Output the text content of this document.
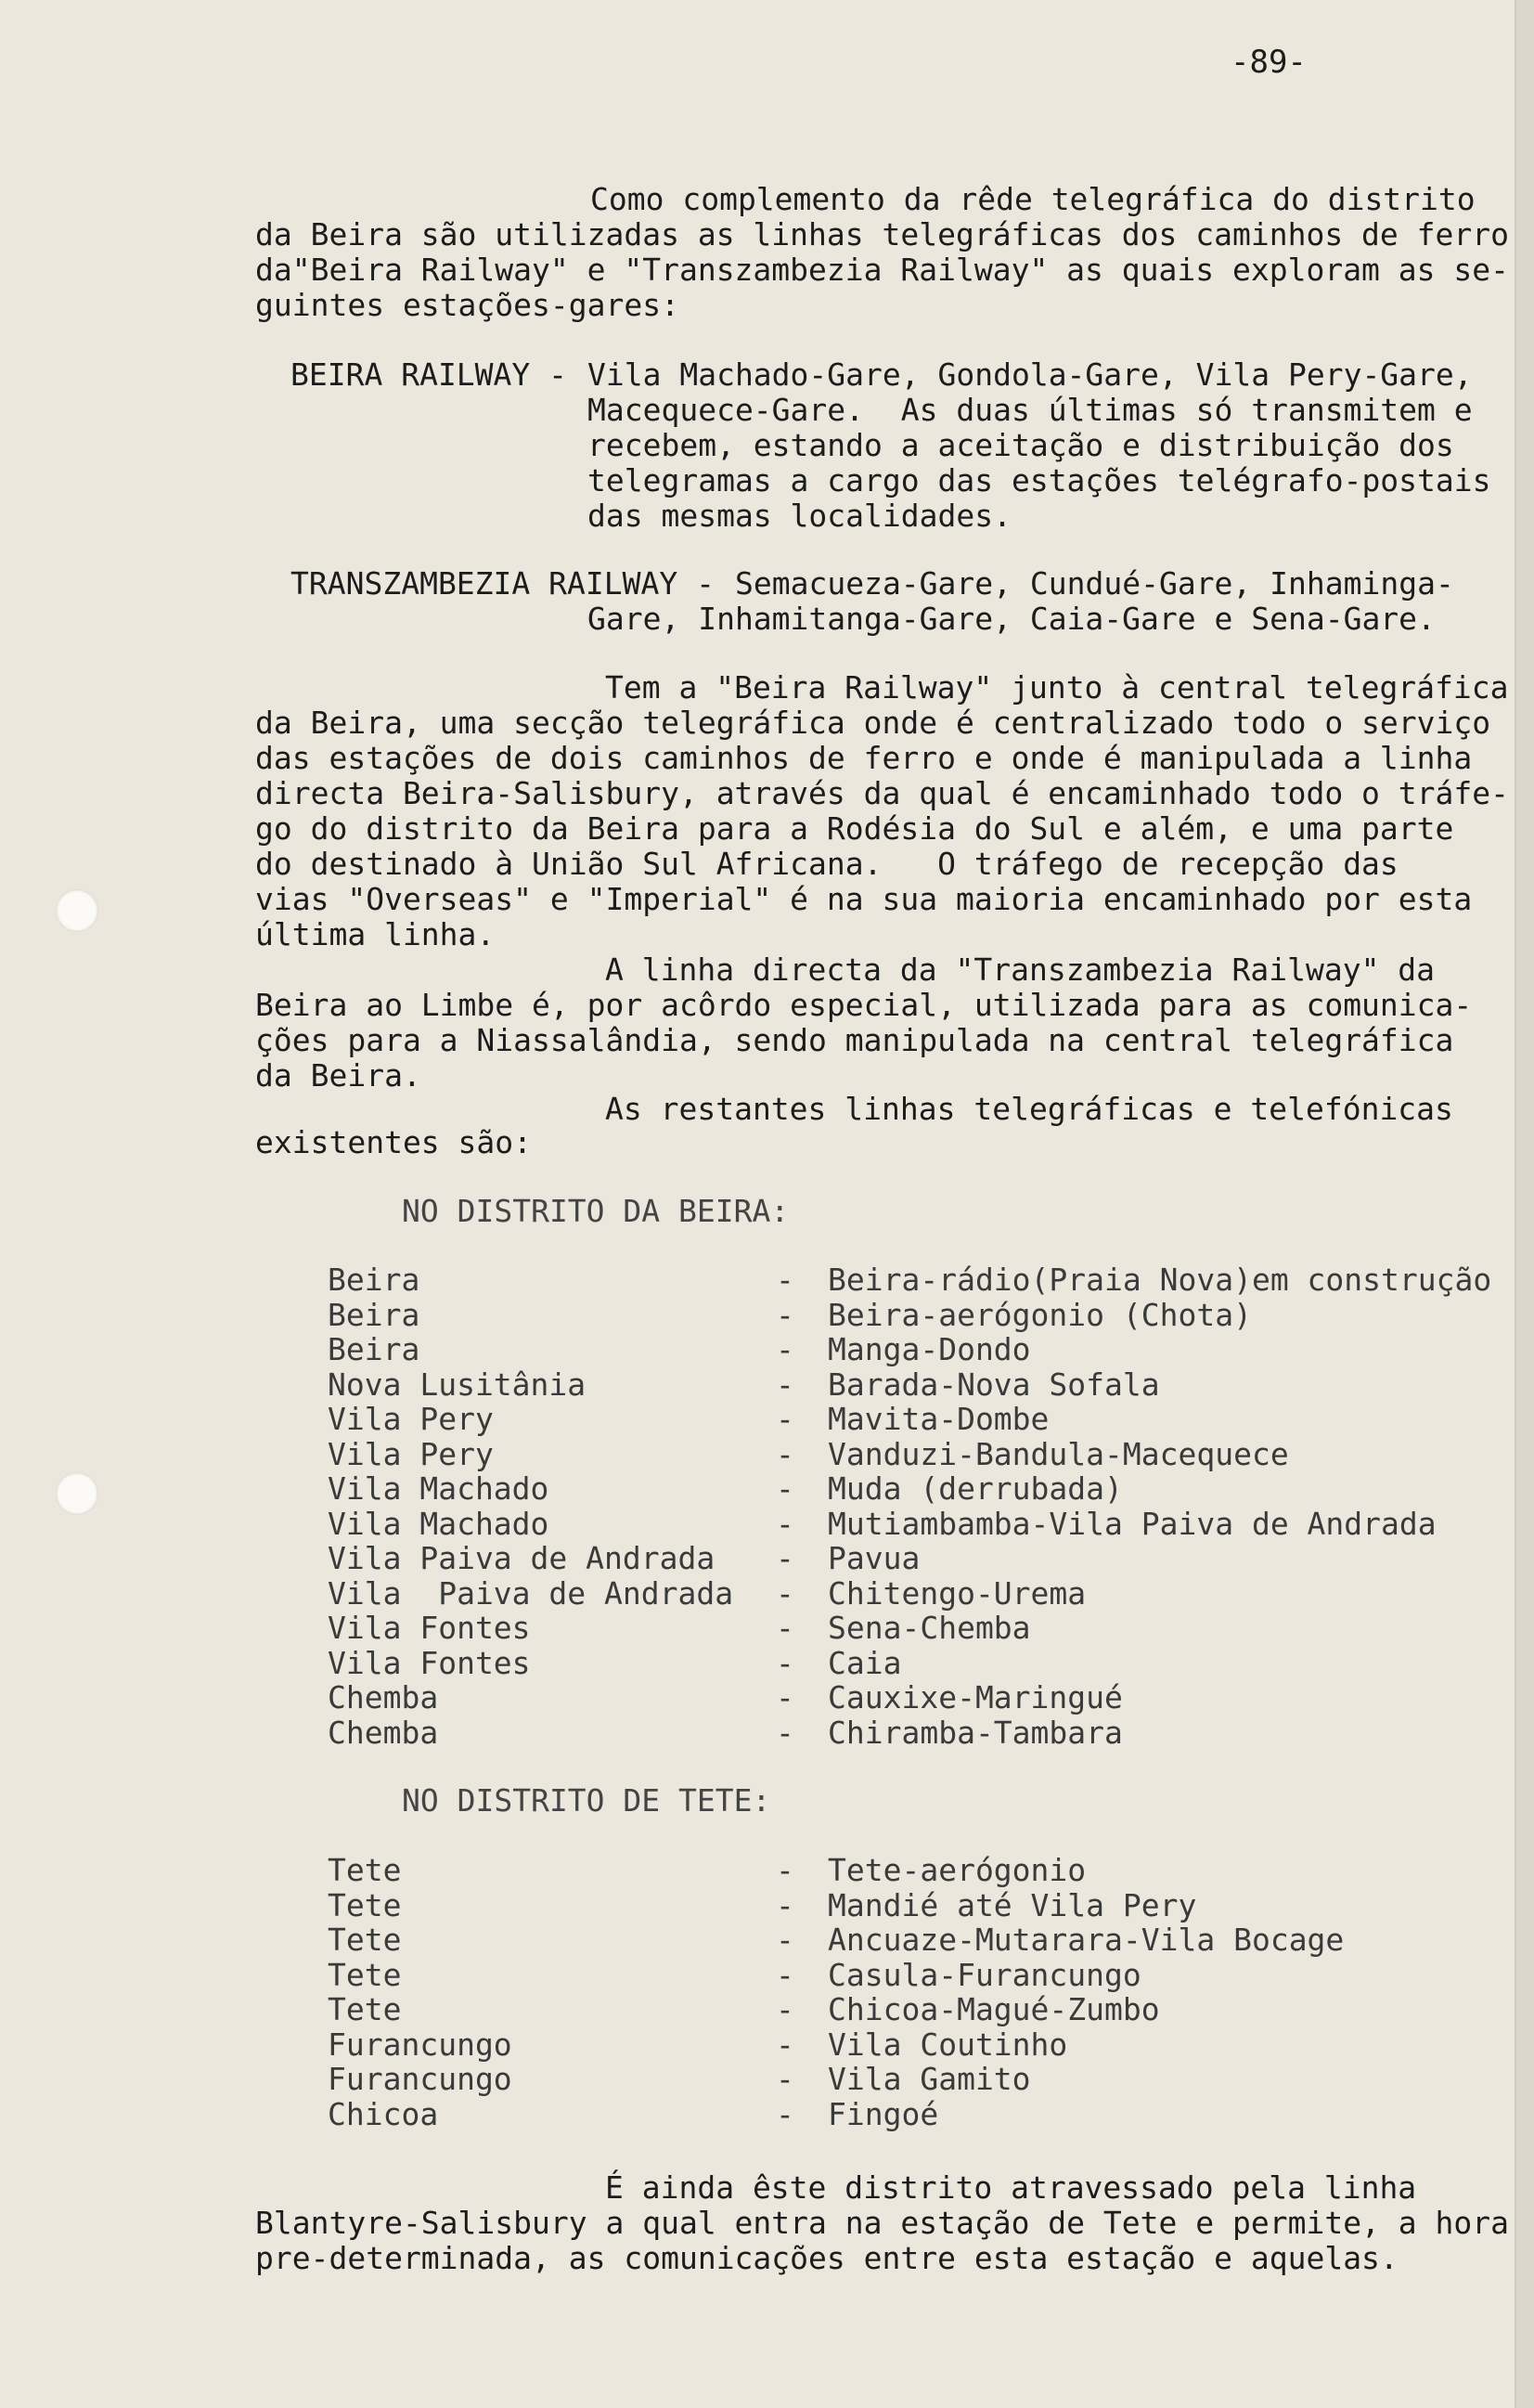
-89-
Como complemento da rêde telegráfica do distrito
da Beira são utilizadas as linhas telegráficas dos caminhos de ferro
da"Beira Railway" e "Transzambezia Railway" as quais exploram as se-
guintes estações-gares:
BEIRA RAILWAY - Vila Machado-Gare, Gondola-Gare, Vila Pery-Gare,
Macequece-Gare.  As duas últimas só transmitem e
recebem, estando a aceitação e distribuição dos
telegramas a cargo das estações telégrafo-postais
das mesmas localidades.
TRANSZAMBEZIA RAILWAY - Semacueza-Gare, Cundué-Gare, Inhaminga-
Gare, Inhamitanga-Gare, Caia-Gare e Sena-Gare.
Tem a "Beira Railway" junto à central telegráfica
da Beira, uma secção telegráfica onde é centralizado todo o serviço
das estações de dois caminhos de ferro e onde é manipulada a linha
directa Beira-Salisbury, através da qual é encaminhado todo o tráfe-
go do distrito da Beira para a Rodésia do Sul e além, e uma parte
do destinado à União Sul Africana.   O tráfego de recepção das
vias "Overseas" e "Imperial" é na sua maioria encaminhado por esta
última linha.
A linha directa da "Transzambezia Railway" da
Beira ao Limbe é, por acôrdo especial, utilizada para as comunica-
ções para a Niassalândia, sendo manipulada na central telegráfica
da Beira.
As restantes linhas telegráficas e telefónicas
existentes são:
NO DISTRITO DA BEIRA:
Beira	- Beira-rádio(Praia Nova)em construção
Beira	- Beira-aerógonio (Chota)
Beira	- Manga-Dondo
Nova Lusitânia	- Barada-Nova Sofala
Vila Pery	- Mavita-Dombe
Vila Pery	- Vanduzi-Bandula-Macequece
Vila Machado	- Muda (derrubada)
Vila Machado	- Mutiambamba-Vila Paiva de Andrada
Vila Paiva de Andrada - Pavua
Vila  Paiva de Andrada - Chitengo-Urema
Vila Fontes	- Sena-Chemba
Vila Fontes	- Caia
Chemba	- Cauxixe-Maringué
Chemba	- Chiramba-Tambara
NO DISTRITO DE TETE:
Tete	- Tete-aerógonio
Tete	- Mandié até Vila Pery
Tete	- Ancuaze-Mutarara-Vila Bocage
Tete	- Casula-Furancungo
Tete	- Chicoa-Magué-Zumbo
Furancungo	- Vila Coutinho
Furancungo	- Vila Gamito
Chicoa	- Fingoé
É ainda êste distrito atravessado pela linha
Blantyre-Salisbury a qual entra na estação de Tete e permite, a hora
pre-determinada, as comunicações entre esta estação e aquelas.
